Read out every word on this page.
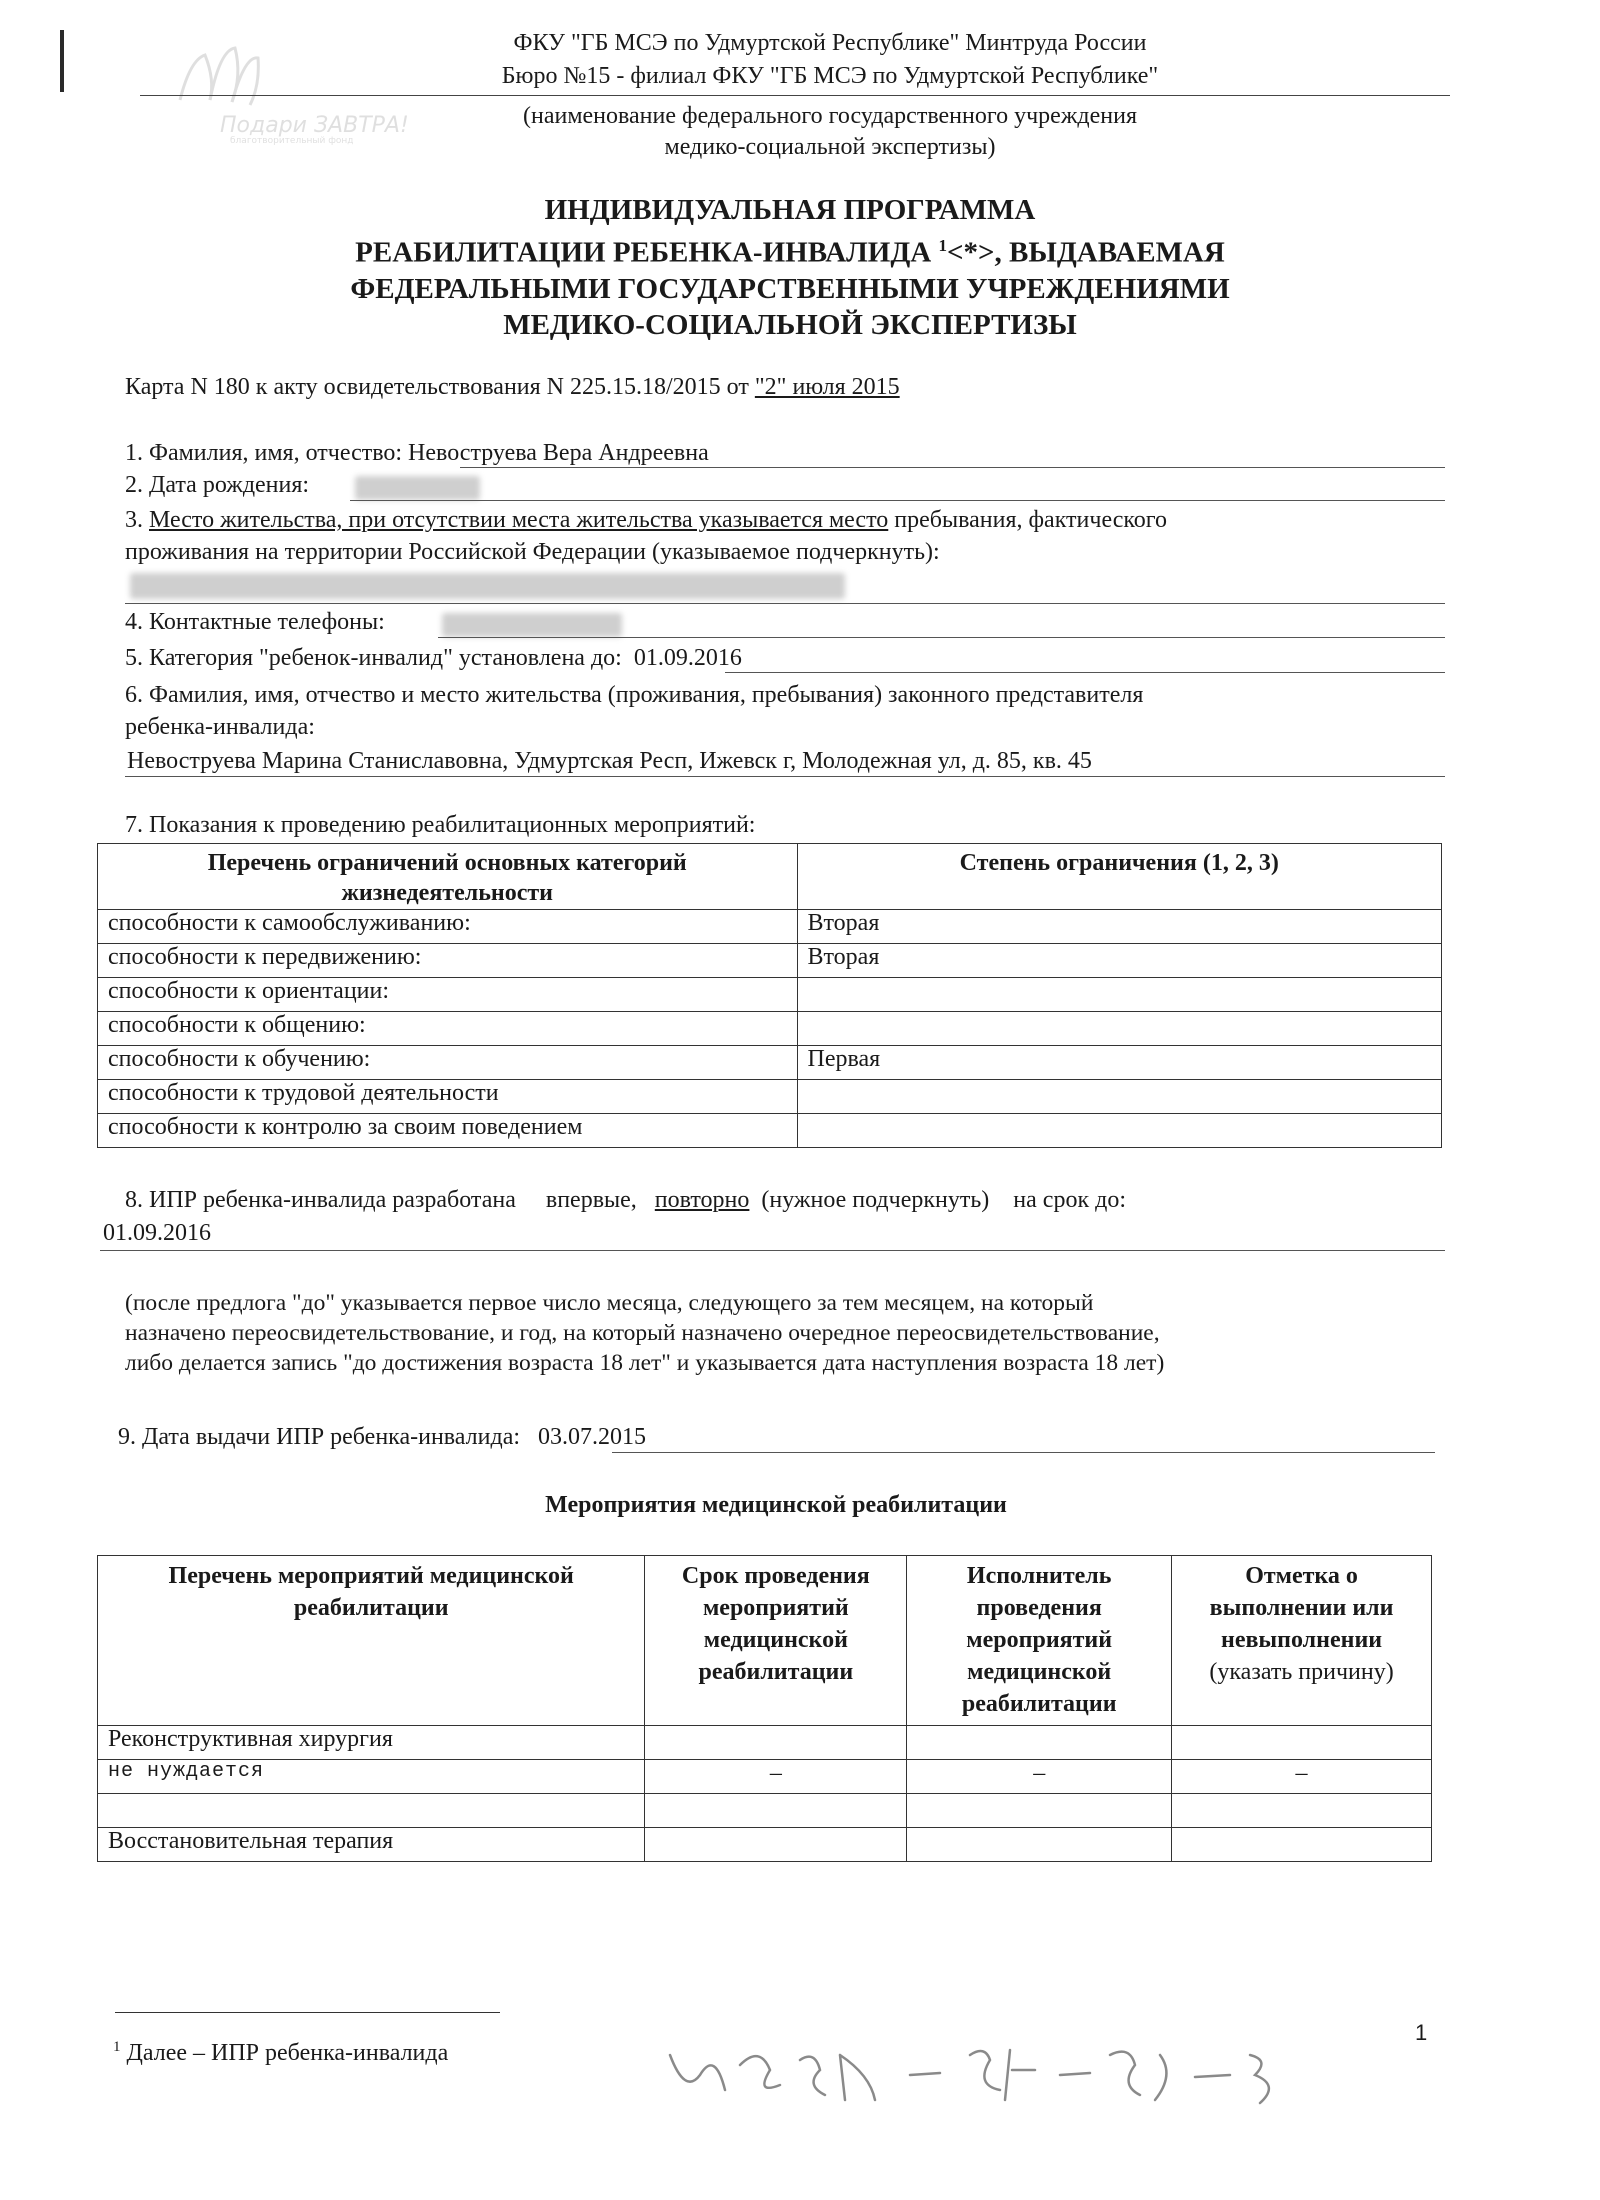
Подари ЗАВТРА!
благотворительный фонд
ФКУ "ГБ МСЭ по Удмуртской Республике" Минтруда России
Бюро №15 - филиал ФКУ "ГБ МСЭ по Удмуртской Республике"
(наименование федерального государственного учреждения
медико-социальной экспертизы)
ИНДИВИДУАЛЬНАЯ ПРОГРАММА
РЕАБИЛИТАЦИИ РЕБЕНКА-ИНВАЛИДА $^1$<*>, ВЫДАВАЕМАЯ
ФЕДЕРАЛЬНЫМИ ГОСУДАРСТВЕННЫМИ УЧРЕЖДЕНИЯМИ
МЕДИКО-СОЦИАЛЬНОЙ ЭКСПЕРТИЗЫ
Карта N 180 к акту освидетельствования N 225.15.18/2015 от "2" июля 2015
1. Фамилия, имя, отчество: Невоструева Вера Андреевна
2. Дата рождения:
3. Место жительства, при отсутствии места жительства указывается место пребывания, фактического
проживания на территории Российской Федерации (указываемое подчеркнуть):
4. Контактные телефоны:
5. Категория "ребенок-инвалид" установлена до: 01.09.2016
6. Фамилия, имя, отчество и место жительства (проживания, пребывания) законного представителя
ребенка-инвалида:
Невоструева Марина Станиславовна, Удмуртская Респ, Ижевск г, Молодежная ул, д. 85, кв. 45
7. Показания к проведению реабилитационных мероприятий:
Перечень ограничений основных категорий жизнедеятельности	Степень ограничения (1, 2, 3)
способности к самообслуживанию:	Вторая
способности к передвижению:	Вторая
способности к ориентации:	
способности к общению:	
способности к обучению:	Первая
способности к трудовой деятельности	
способности к контролю за своим поведением	
8. ИПР ребенка-инвалида разработана впервые, повторно (нужное подчеркнуть) на срок до:
01.09.2016
(после предлога "до" указывается первое число месяца, следующего за тем месяцем, на который
назначено переосвидетельствование, и год, на который назначено очередное переосвидетельствование,
либо делается запись "до достижения возраста 18 лет" и указывается дата наступления возраста 18 лет)
9. Дата выдачи ИПР ребенка-инвалида: 03.07.2015
Мероприятия медицинской реабилитации
Перечень мероприятий медицинской реабилитации	Срок проведения мероприятий медицинской реабилитации	Исполнитель проведения мероприятий медицинской реабилитации	Отметка о выполнении или невыполнении (указать причину)
Реконструктивная хирургия			
не нуждается	–	–	–

Восстановительная терапия			
$^1$ Далее – ИПР ребенка-инвалида
1
